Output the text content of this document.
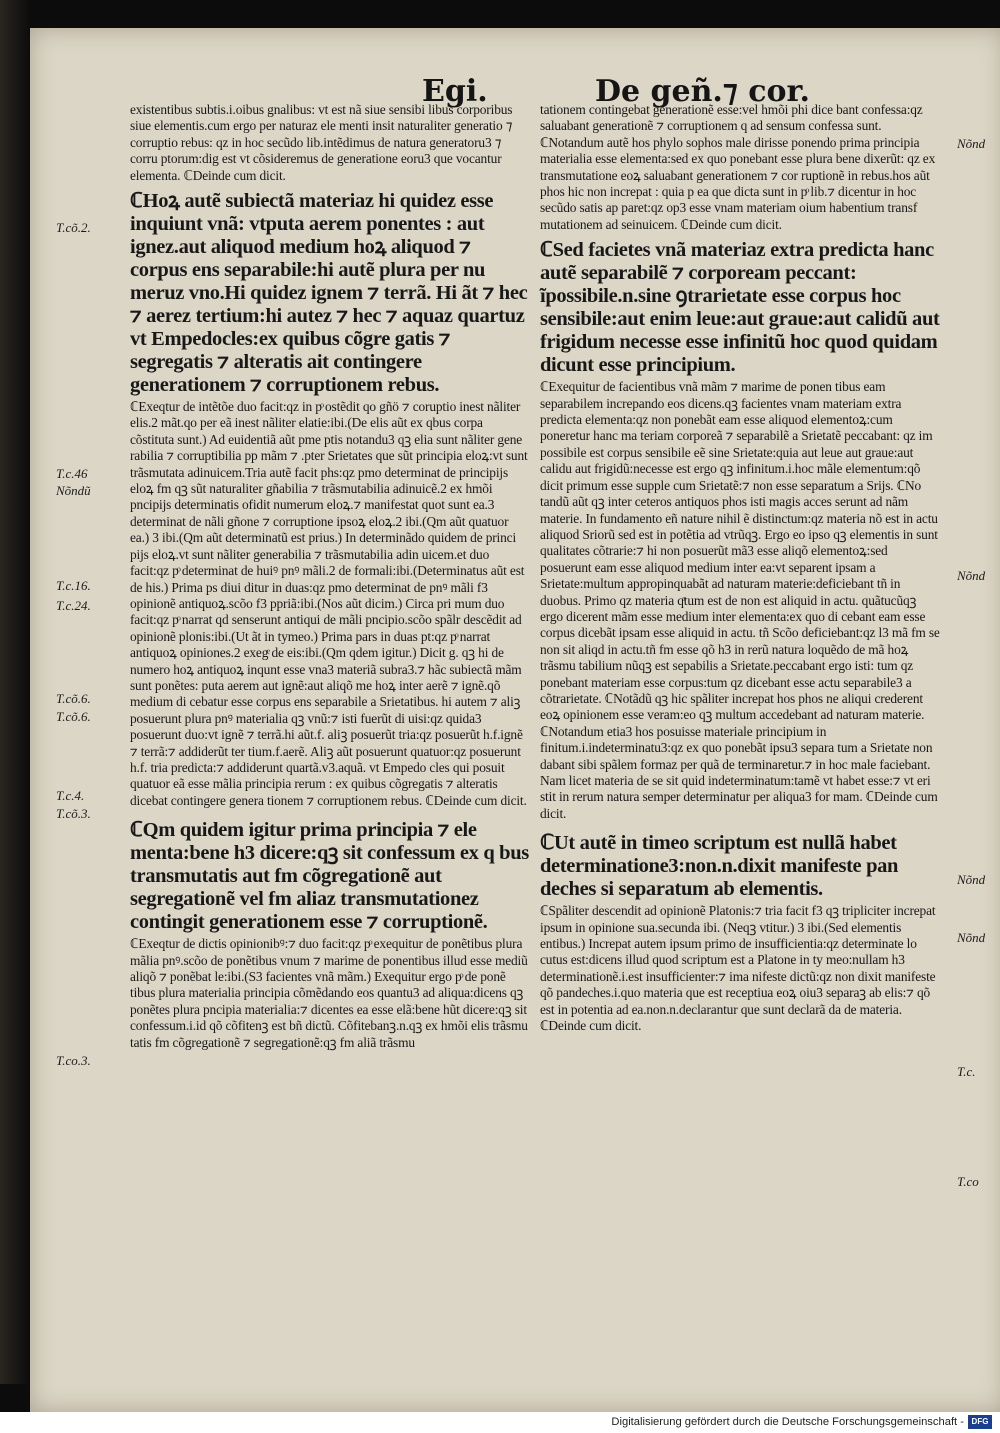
Egi.	De geñ.⁊ cor.

existentibus subtis.i.oibus gnalibus: vt est nã siue sensibi libus corporibus siue elementis.cum ergo per naturaz ele menti insit naturaliter generatio ⁊ corruptio rebus: qz in hoc secũdo lib.intẽdimus de natura generatoru3 ⁊ corru ptorum:dig est vt cõsideremus de generatione eoru3 que vocantur elementa. ℂDeinde cum dicit.

ℂHoꝝ autẽ subiectã materiaz hi quidez esse inquiunt vnã: vtputa aerem ponentes : aut ignez.aut aliquod medium hoꝝ aliquod ⁊ corpus ens separabile:hi autẽ plura per nu meruz vno.Hi quidez ignem ⁊ terrã. Hi ãt ⁊ hec ⁊ aerez tertium:hi autez ⁊ hec ⁊ aquaz quartuz vt Empedocles:ex quibus cõgre gatis ⁊ segregatis ⁊ alteratis ait contingere generationem ⁊ corruptionem rebus.

ℂExeqtur de intẽtõe duo facit:qz in pͦ ostẽdit qo gñö ⁊ coruptio inest nãliter elis.2 mãt.qo per eã inest nãliter elatie:ibi.(De elis aũt ex qbus corpa cõstituta sunt.) Ad euidentiã aũt pme ptis notandu3 qꝫ elia sunt nãliter gene rabilia ⁊ corruptibilia pp mãm ⁊ .pter Srietates que sũt principia eloꝝ:vt sunt trãsmutata adinuicem.Tria autẽ facit phs:qz pmo determinat de principijs eloꝝ fm qꝫ sũt naturaliter gñabilia ⁊ trãsmutabilia adinuicẽ.2 ex hmõi pncipijs determinatis ofidit numerum eloꝝ.⁊ manifestat quot sunt ea.3 determinat de nãli gñone ⁊ corruptione ipsoꝝ eloꝝ.2 ibi.(Qm aũt quatuor ea.) 3 ibi.(Qm aũt determinatũ est prius.) In determinãdo quidem de princi pijs eloꝝ.vt sunt nãliter generabilia ⁊ trãsmutabilia adin uicem.et duo facit:qz pͦ determinat de huiꝰ pnꝰ mãli.2 de formali:ibi.(Determinatus aũt est de his.) Prima ps diui ditur in duas:qz pmo determinat de pnꝰ mãli f3 opinionẽ antiquoꝝ.scõo f3 ppriã:ibi.(Nos aũt dicim.) Circa pri mum duo facit:qz pͦ narrat qd senserunt antiqui de mãli pncipio.scõo spãlr descẽdit ad opinionẽ plonis:ibi.(Ut ãt in tymeo.) Prima pars in duas pt:qz pͦ narrat antiquoꝝ opiniones.2 exegͤ de eis:ibi.(Qm qdem igitur.) Dicit g. qꝫ hi de numero hoꝝ antiquoꝝ inqunt esse vna3 materiã subra3.⁊ hãc subiectã mãm sunt ponẽtes: puta aerem aut ignẽ:aut aliqõ me hoꝝ inter aerẽ ⁊ ignẽ.qõ medium di cebatur esse corpus ens separabile a Srietatibus. hi autem ⁊ aliꝫ posuerunt plura pnꝰ materialia qꝫ vnũ:⁊ isti fuerũt di uisi:qz quida3 posuerunt duo:vt ignẽ ⁊ terrã.hi aũt.f. aliꝫ posuerũt tria:qz posuerũt h.f.ignẽ ⁊ terrã:⁊ addiderũt ter tium.f.aerẽ. Aliꝫ aũt posuerunt quatuor:qz posuerunt h.f. tria predicta:⁊ addiderunt quartã.v3.aquã. vt Empedo cles qui posuit quatuor eã esse mãlia principia rerum : ex quibus cõgregatis ⁊ alteratis dicebat contingere genera tionem ⁊ corruptionem rebus. ℂDeinde cum dicit.

ℂQm quidem igitur prima principia ⁊ ele menta:bene h3 dicere:qꝫ sit confessum ex q bus transmutatis aut fm cõgregationẽ aut segregationẽ vel fm aliaz transmutationez contingit generationem esse ⁊ corruptionẽ.

ℂExeqtur de dictis opinionibꝰ:⁊ duo facit:qz pͦ exequitur de ponẽtibus plura mãlia pnꝰ.scõo de ponẽtibus vnum ⁊ marime de ponentibus illud esse mediũ aliqõ ⁊ ponẽbat le:ibi.(S3 facientes vnã mãm.) Exequitur ergo pͦ de ponẽ tibus plura materialia principia cõmẽdando eos quantu3 ad aliqua:dicens qꝫ ponẽtes plura pncipia materialia:⁊ dicentes ea esse elã:bene hũt dicere:qꝫ sit confessum.i.id qõ cõfitenꝫ est bñ dictũ. Cõfitebanꝫ.n.qꝫ ex hmõi elis trãsmu tatis fm cõgregationẽ ⁊ segregationẽ:qꝫ fm aliã trãsmu

tationem contingebat generationẽ esse:vel hmõi phi dice bant confessa:qz saluabant generationẽ ⁊ corruptionem q ad sensum confessa sunt. ℂNotandum autẽ hos phylo sophos male dirisse ponendo prima principia materialia esse elementa:sed ex quo ponebant esse plura bene dixerũt: qz ex transmutatione eoꝝ saluabant generationem ⁊ cor ruptionẽ in rebus.hos aũt phos hic non increpat : quia p ea que dicta sunt in pͦ lib.⁊ dicentur in hoc secũdo satis ap paret:qz op3 esse vnam materiam oium habentium transf mutationem ad seinuicem. ℂDeinde cum dicit.

ℂSed facietes vnã materiaz extra predicta hanc autẽ separabilẽ ⁊ corpoream peccant: ĩpossibile.n.sine ꝯtrarietate esse corpus hoc sensibile:aut enim leue:aut graue:aut calidũ aut frigidum necesse esse infinitũ hoc quod quidam dicunt esse principium.

ℂExequitur de facientibus vnã mãm ⁊ marime de ponen tibus eam separabilem increpando eos dicens.qꝫ facientes vnam materiam extra predicta elementa:qz non ponebãt eam esse aliquod elementoꝝ:cum poneretur hanc ma teriam corporeã ⁊ separabilẽ a Srietatẽ peccabant: qz im possibile est corpus sensibile eẽ sine Srietate:quia aut leue aut graue:aut calidu aut frigidũ:necesse est ergo qꝫ infinitum.i.hoc mãle elementum:qõ dicit primum esse supple cum Srietatẽ:⁊ non esse separatum a Srijs. ℂNo tandũ aũt qꝫ inter ceteros antiquos phos isti magis acces serunt ad nãm materie. In fundamento eñ nature nihil ẽ distinctum:qz materia nõ est in actu aliquod Sriorũ sed est in potẽtia ad vtrũqꝫ. Ergo eo ipso qꝫ elementis in sunt qualitates cõtrarie:⁊ hi non posuerũt mã3 esse aliqõ elementoꝝ:sed posuerunt eam esse aliquod medium inter ea:vt separent ipsam a Srietate:multum appropinquabãt ad naturam materie:deficiebant tñ in duobus. Primo qz materia qͣtum est de non est aliquid in actu. quãtucũqꝫ ergo dicerent mãm esse medium inter elementa:ex quo di cebant eam esse corpus dicebãt ipsam esse aliquid in actu. tñ Scõo deficiebant:qz l3 mã fm se non sit aliqd in actu.tñ fm esse qõ h3 in rerũ natura loquẽdo de mã hoꝝ trãsmu tabilium nũqꝫ est sepabilis a Srietate.peccabant ergo isti: tum qz ponebant materiam esse corpus:tum qz dicebant esse actu separabile3 a cõtrarietate. ℂNotãdũ qꝫ hic spãliter increpat hos phos ne aliqui crederent eoꝝ opinionem esse veram:eo qꝫ multum accedebant ad naturam materie. ℂNotandum etia3 hos posuisse materiale principium in finitum.i.indeterminatu3:qz ex quo ponebãt ipsu3 separa tum a Srietate non dabant sibi spãlem formaz per quã de terminaretur.⁊ in hoc male faciebant. Nam licet materia de se sit quid indeterminatum:tamẽ vt habet esse:⁊ vt eri stit in rerum natura semper determinatur per aliqua3 for mam. ℂDeinde cum dicit.

ℂUt autẽ in timeo scriptum est nullã habet determinatione3:non.n.dixit manifeste pan deches si separatum ab elementis.

ℂSpãliter descendit ad opinionẽ Platonis:⁊ tria facit f3 qꝫ tripliciter increpat ipsum in opinione sua.secunda ibi. (Neqꝫ vtitur.) 3 ibi.(Sed elementis entibus.) Increpat autem ipsum primo de insufficientia:qz determinate lo cutus est:dicens illud quod scriptum est a Platone in ty meo:nullam h3 determinationẽ.i.est insufficienter:⁊ ima nifeste dictũ:qz non dixit manifeste qõ pandeches.i.quo materia que est receptiua eoꝝ oiu3 separaꝫ ab elis:⁊ qõ est in potentia ad ea.non.n.declarantur que sunt declarã da de materia. ℂDeinde cum dicit.

T.cõ.2.
T.c.46
Nõndũ
T.c.16.
T.c.24.
T.cõ.6.
T.cõ.6.
T.c.4.
T.cõ.3.
T.co.3.
Nõnd
Nõnd
Nõnd
Nõnd
T.c.
T.co
Digitalisierung gefördert durch die Deutsche Forschungsgemeinschaft - DFG
